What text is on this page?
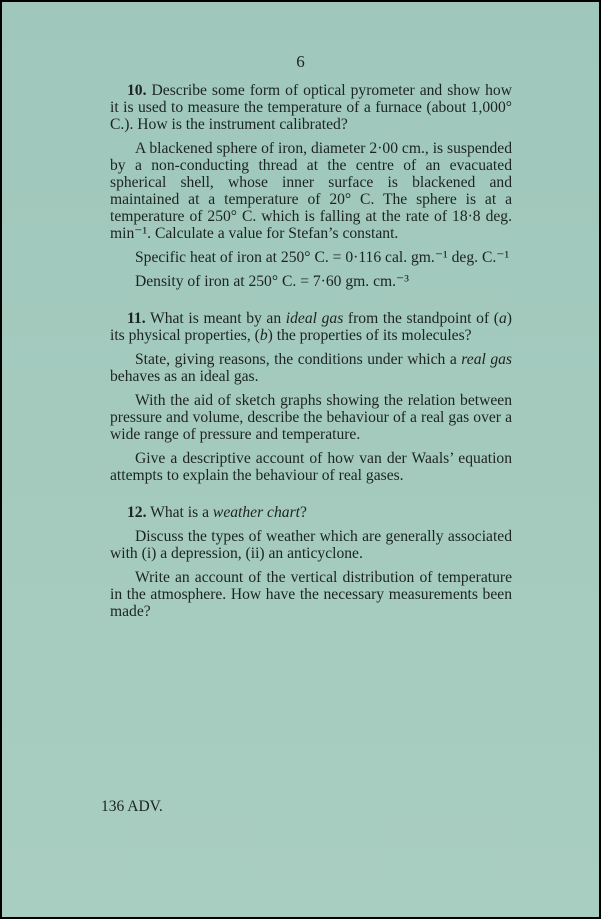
6

10. Describe some form of optical pyrometer and show how it is used to measure the temperature of a furnace (about 1,000° C.). How is the instrument calibrated?

A blackened sphere of iron, diameter 2·00 cm., is suspended by a non-conducting thread at the centre of an evacuated spherical shell, whose inner surface is blackened and maintained at a temperature of 20° C. The sphere is at a temperature of 250° C. which is falling at the rate of 18·8 deg. min⁻¹. Calculate a value for Stefan’s constant.

Specific heat of iron at 250° C. = 0·116 cal. gm.⁻¹ deg. C.⁻¹

Density of iron at 250° C. = 7·60 gm. cm.⁻³

11. What is meant by an ideal gas from the standpoint of (a) its physical properties, (b) the properties of its molecules?

State, giving reasons, the conditions under which a real gas behaves as an ideal gas.

With the aid of sketch graphs showing the relation between pressure and volume, describe the behaviour of a real gas over a wide range of pressure and temperature.

Give a descriptive account of how van der Waals’ equation attempts to explain the behaviour of real gases.

12. What is a weather chart?

Discuss the types of weather which are generally associated with (i) a depression, (ii) an anticyclone.

Write an account of the vertical distribution of temperature in the atmosphere. How have the necessary measurements been made?

136 ADV.
